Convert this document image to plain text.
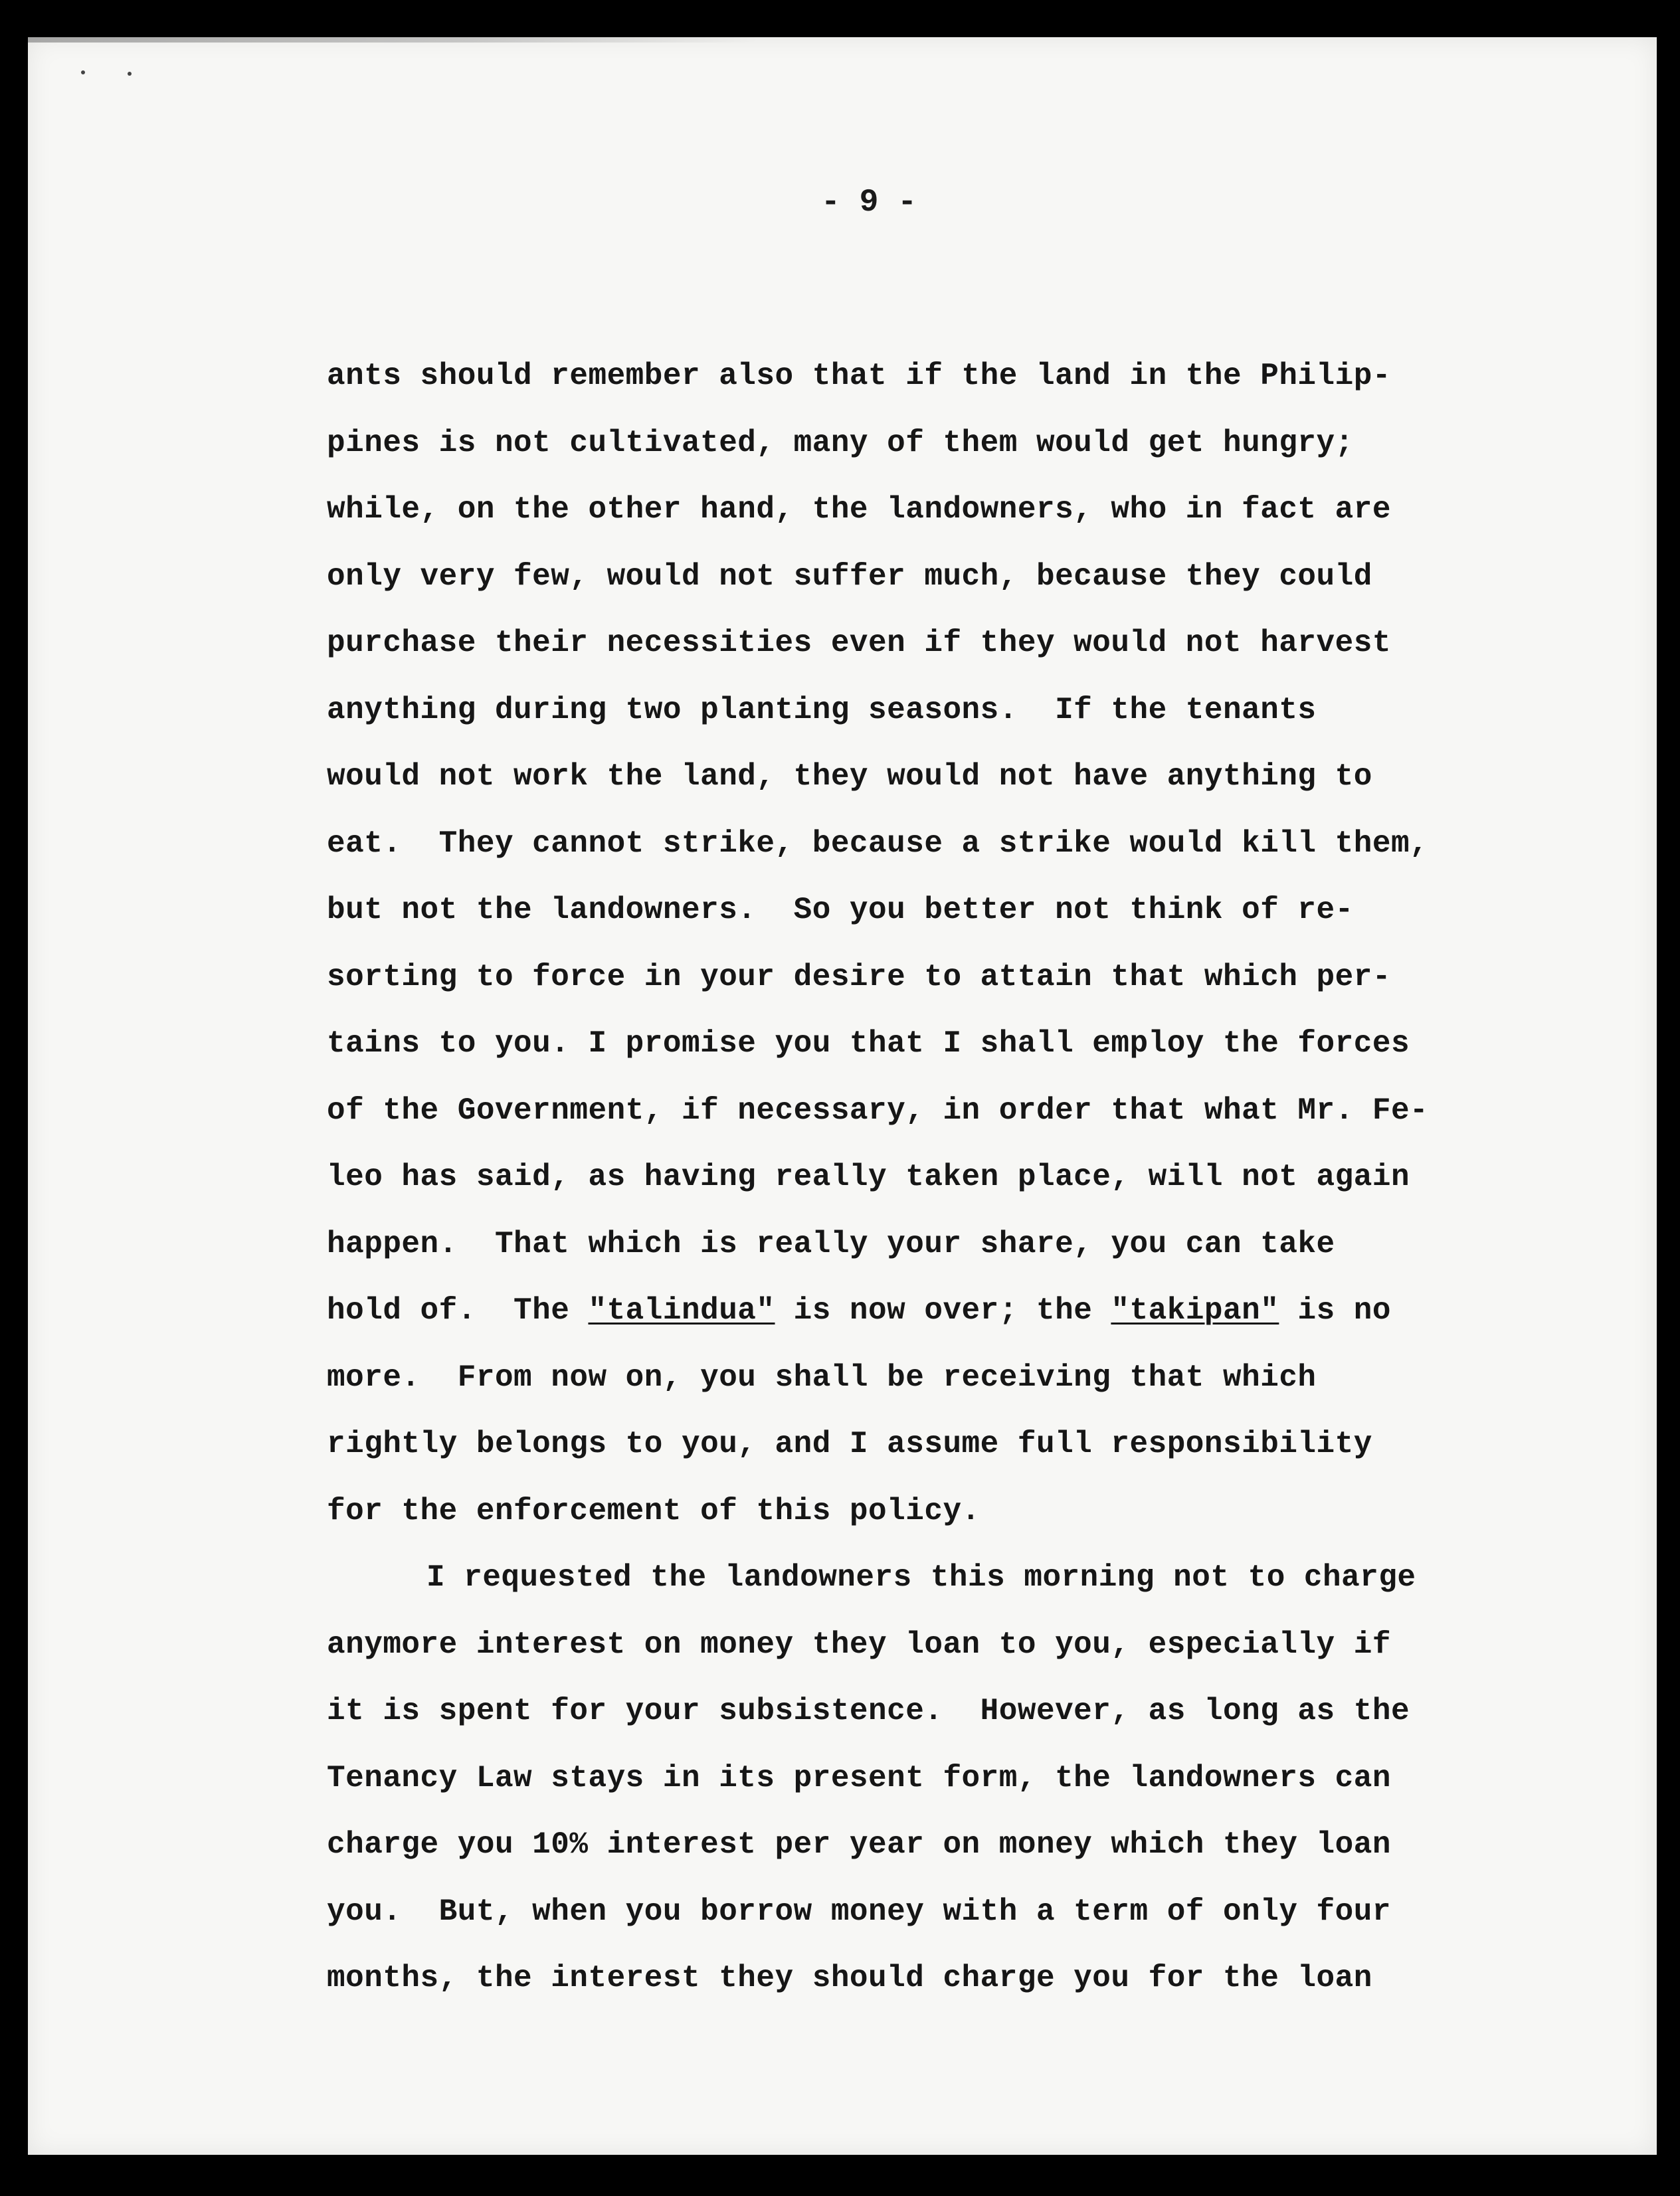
- 9 -
ants should remember also that if the land in the Philip-
pines is not cultivated, many of them would get hungry;
while, on the other hand, the landowners, who in fact are
only very few, would not suffer much, because they could
purchase their necessities even if they would not harvest
anything during two planting seasons.  If the tenants
would not work the land, they would not have anything to
eat.  They cannot strike, because a strike would kill them,
but not the landowners.  So you better not think of re-
sorting to force in your desire to attain that which per-
tains to you. I promise you that I shall employ the forces
of the Government, if necessary, in order that what Mr. Fe-
leo has said, as having really taken place, will not again
happen.  That which is really your share, you can take
hold of.  The "talindua" is now over; the "takipan" is no
more.  From now on, you shall be receiving that which
rightly belongs to you, and I assume full responsibility
for the enforcement of this policy.
I requested the landowners this morning not to charge
anymore interest on money they loan to you, especially if
it is spent for your subsistence.  However, as long as the
Tenancy Law stays in its present form, the landowners can
charge you 10% interest per year on money which they loan
you.  But, when you borrow money with a term of only four
months, the interest they should charge you for the loan
